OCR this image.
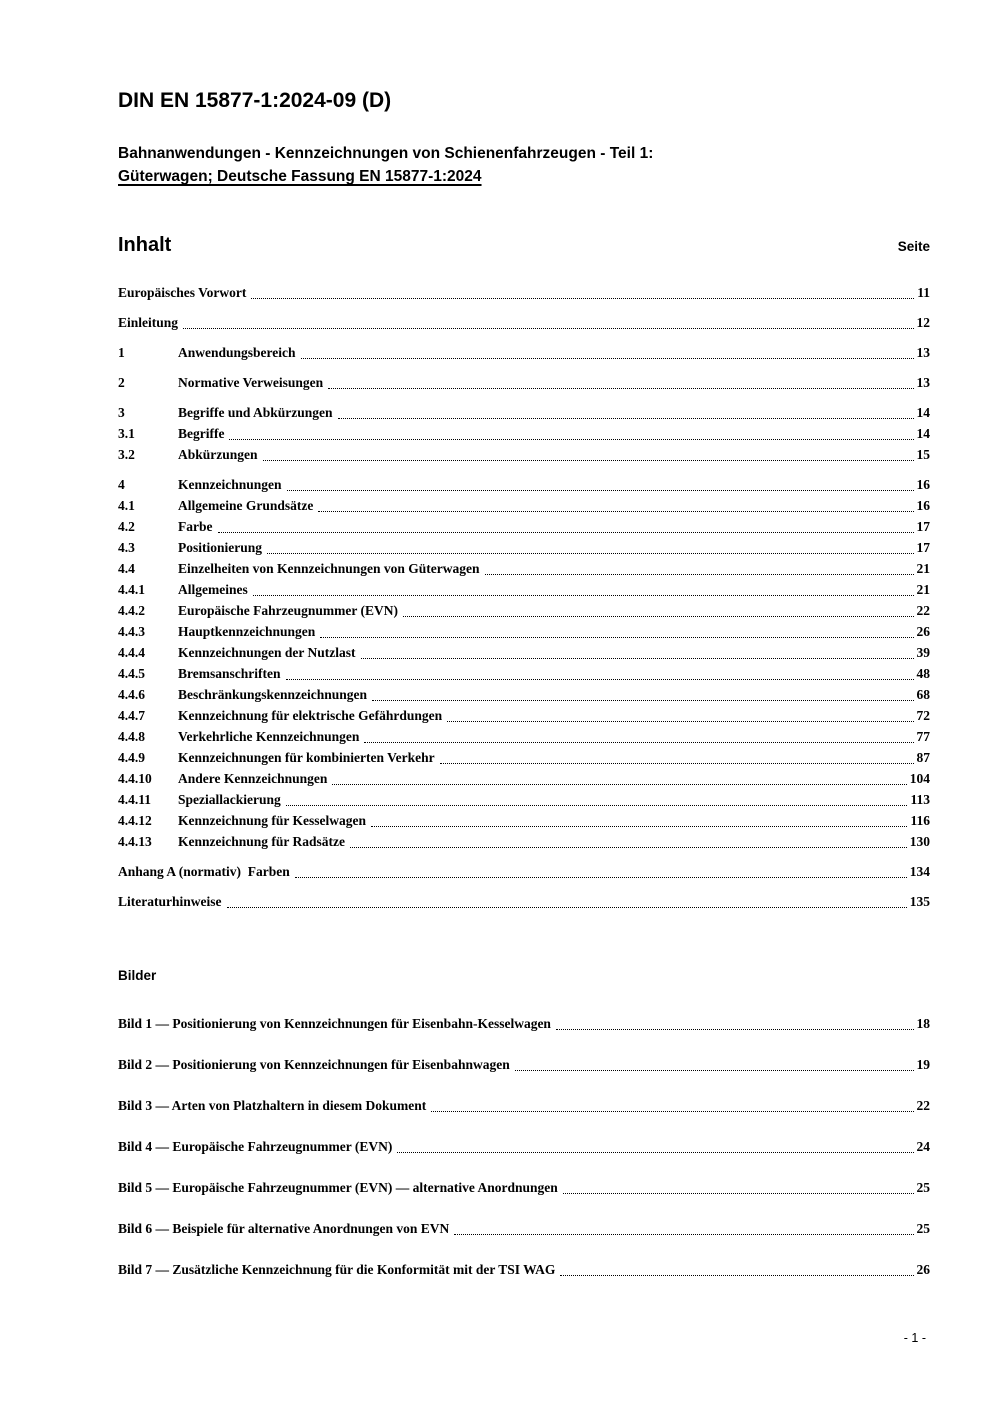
DIN EN 15877-1:2024-09 (D)
Bahnanwendungen - Kennzeichnungen von Schienenfahrzeugen - Teil 1:
Güterwagen; Deutsche Fassung EN 15877-1:2024
Inhalt	Seite
Europäisches Vorwort	11
Einleitung	12
1	Anwendungsbereich	13
2	Normative Verweisungen	13
3	Begriffe und Abkürzungen	14
3.1	Begriffe	14
3.2	Abkürzungen	15
4	Kennzeichnungen	16
4.1	Allgemeine Grundsätze	16
4.2	Farbe	17
4.3	Positionierung	17
4.4	Einzelheiten von Kennzeichnungen von Güterwagen	21
4.4.1	Allgemeines	21
4.4.2	Europäische Fahrzeugnummer (EVN)	22
4.4.3	Hauptkennzeichnungen	26
4.4.4	Kennzeichnungen der Nutzlast	39
4.4.5	Bremsanschriften	48
4.4.6	Beschränkungskennzeichnungen	68
4.4.7	Kennzeichnung für elektrische Gefährdungen	72
4.4.8	Verkehrliche Kennzeichnungen	77
4.4.9	Kennzeichnungen für kombinierten Verkehr	87
4.4.10	Andere Kennzeichnungen	104
4.4.11	Speziallackierung	113
4.4.12	Kennzeichnung für Kesselwagen	116
4.4.13	Kennzeichnung für Radsätze	130
Anhang A (normativ)  Farben	134
Literaturhinweise	135
Bilder
Bild 1 — Positionierung von Kennzeichnungen für Eisenbahn-Kesselwagen	18
Bild 2 — Positionierung von Kennzeichnungen für Eisenbahnwagen	19
Bild 3 — Arten von Platzhaltern in diesem Dokument	22
Bild 4 — Europäische Fahrzeugnummer (EVN)	24
Bild 5 — Europäische Fahrzeugnummer (EVN) — alternative Anordnungen	25
Bild 6 — Beispiele für alternative Anordnungen von EVN	25
Bild 7 — Zusätzliche Kennzeichnung für die Konformität mit der TSI WAG	26
- 1 -
